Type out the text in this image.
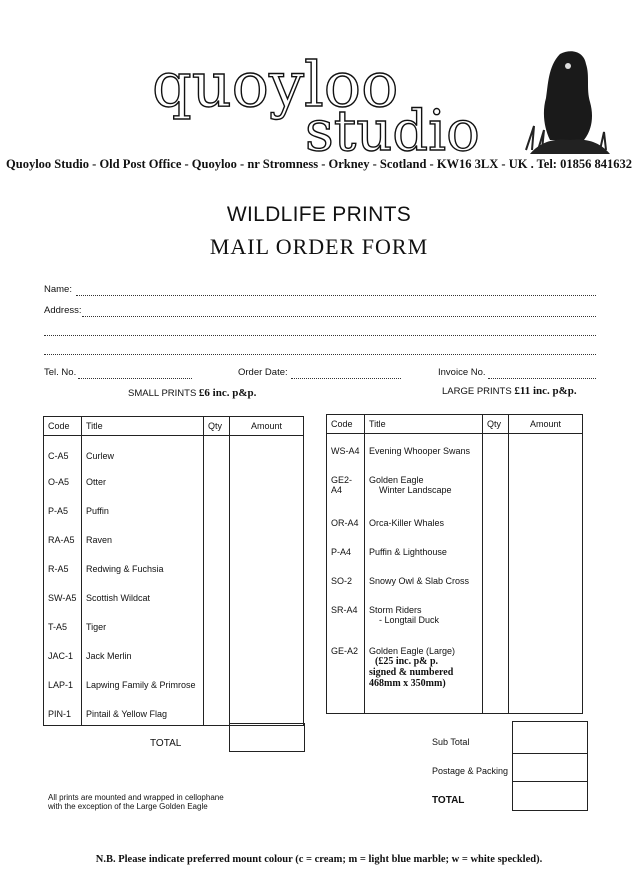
quoyloo
studio
Quoyloo Studio - Old Post Office - Quoyloo - nr Stromness - Orkney - Scotland - KW16 3LX - UK . Tel: 01856 841632
WILDLIFE PRINTS
MAIL ORDER FORM
Name:
Address:
Tel. No.	Order Date:	Invoice No.
SMALL PRINTS £6 inc. p&p.	LARGE PRINTS £11 inc. p&p.
Code	Title	Qty	Amount
C-A5	Curlew		
O-A5	Otter		
P-A5	Puffin		
RA-A5	Raven		
R-A5	Redwing & Fuchsia		
SW-A5	Scottish Wildcat		
T-A5	Tiger		
JAC-1	Jack Merlin		
LAP-1	Lapwing Family & Primrose		
PIN-1	Pintail & Yellow Flag		
TOTAL
Code	Title	Qty	Amount
WS-A4	Evening Whooper Swans		
GE2-A4	Golden Eagle
Winter Landscape		

OR-A4	Orca-Killer Whales		
P-A4	Puffin & Lighthouse		
SO-2	Snowy Owl & Slab Cross		
SR-A4	Storm Riders
- Longtail Duck		

GE-A2	Golden Eagle (Large)
(£25 inc. p& p.
signed & numbered
468mm x 350mm)		

Sub Total
Postage & Packing
TOTAL
All prints are mounted and wrapped in cellophane
with the exception of the Large Golden Eagle
N.B. Please indicate preferred mount colour (c = cream; m = light blue marble; w = white speckled).
